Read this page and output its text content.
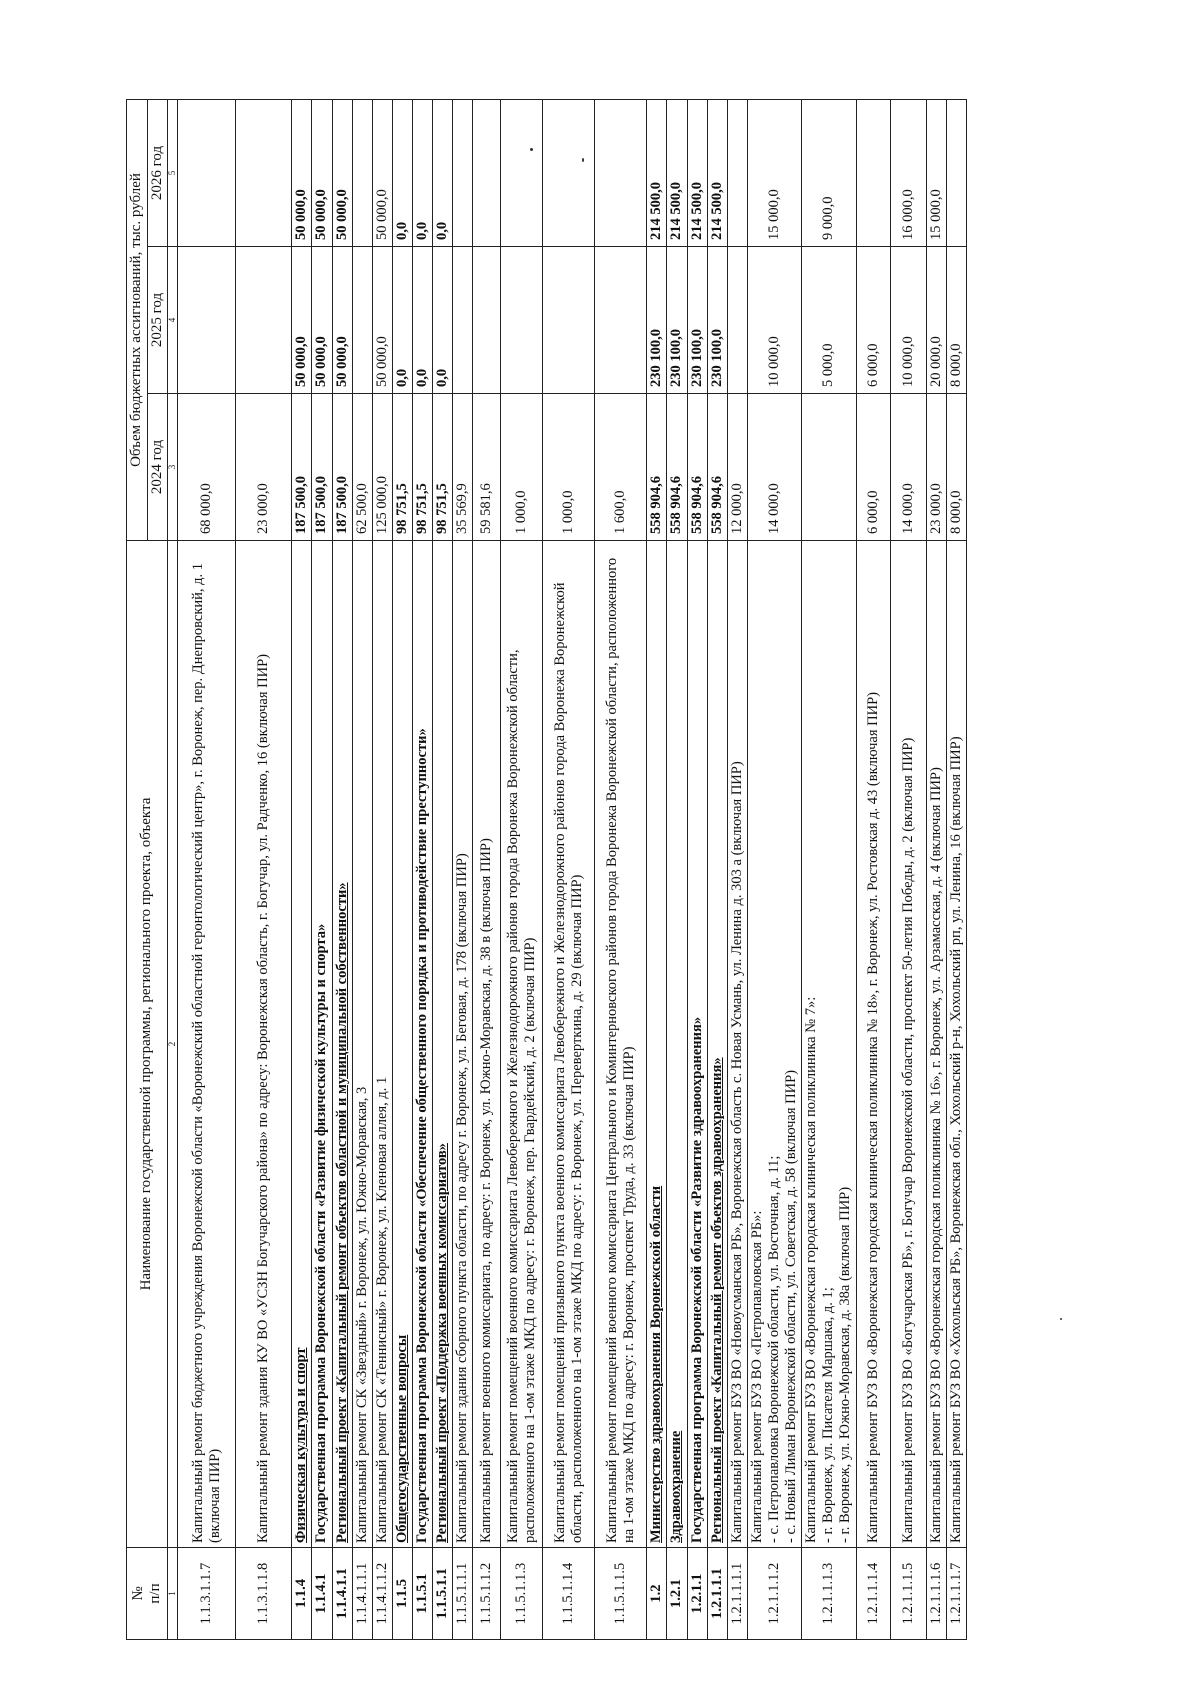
№
п/п	Наименование государственной программы, регионального проекта, объекта	Объем бюджетных ассигнований, тыс. рублей		
		2024 год	2025 год	2026 год
1	2	3	4	5

1.1.3.1.1.7	Капитальный ремонт бюджетного учреждения Воронежской области «Воронежский областной геронтологический центр», г. Воронеж, пер. Днепровский, д. 1 (включая ПИР)	68 000,0		

1.1.3.1.1.8	Капитальный ремонт здания КУ ВО «УСЗН Богучарского района» по адресу: Воронежская область, г. Богучар, ул. Радченко, 16 (включая ПИР)	23 000,0		

1.1.4	Физическая культура и спорт	187 500,0	50 000,0	50 000,0

1.1.4.1	Государственная программа Воронежской области «Развитие физической культуры и спорта»	187 500,0	50 000,0	50 000,0

1.1.4.1.1	Региональный проект «Капитальный ремонт объектов областной и муниципальной собственности»	187 500,0	50 000,0	50 000,0

1.1.4.1.1.1	Капитальный ремонт СК «Звездный» г. Воронеж, ул. Южно-Моравская, 3	62 500,0		

1.1.4.1.1.2	Капитальный ремонт СК «Теннисный» г. Воронеж, ул. Кленовая аллея, д. 1	125 000,0	50 000,0	50 000,0

1.1.5	Общегосударственные вопросы	98 751,5	0,0	0,0

1.1.5.1	Государственная программа Воронежской области «Обеспечение общественного порядка и противодействие преступности»	98 751,5	0,0	0,0

1.1.5.1.1	Региональный проект «Поддержка военных комиссариатов»	98 751,5	0,0	0,0

1.1.5.1.1.1	Капитальный ремонт здания сборного пункта области, по адресу г. Воронеж, ул. Беговая, д. 178 (включая ПИР)	35 569,9		

1.1.5.1.1.2	Капитальный ремонт военного комиссариата, по адресу: г. Воронеж, ул. Южно-Моравская, д. 38 в (включая ПИР)	59 581,6		

1.1.5.1.1.3	Капитальный ремонт помещений военного комиссариата Левобережного и Железнодорожного районов города Воронежа Воронежской области, расположенного на 1-ом этаже МКД по адресу: г. Воронеж, пер. Гвардейский, д. 2 (включая ПИР)	1 000,0		

1.1.5.1.1.4	Капитальный ремонт помещений призывного пункта военного комиссариата Левобережного и Железнодорожного районов города Воронежа Воронежской области, расположенного на 1-ом этаже МКД по адресу: г. Воронеж, ул. Переверткина, д. 29 (включая ПИР)	1 000,0		

1.1.5.1.1.5	Капитальный ремонт помещений военного комиссариата Центрального и Коминтерновского районов города Воронежа Воронежской области, расположенного на 1-ом этаже МКД по адресу: г. Воронеж, проспект Труда, д. 33 (включая ПИР)	1 600,0		

1.2	Министерство здравоохранения Воронежской области	558 904,6	230 100,0	214 500,0

1.2.1	Здравоохранение	558 904,6	230 100,0	214 500,0

1.2.1.1	Государственная программа Воронежской области «Развитие здравоохранения»	558 904,6	230 100,0	214 500,0

1.2.1.1.1	Региональный проект «Капитальный ремонт объектов здравоохранения»	558 904,6	230 100,0	214 500,0

1.2.1.1.1.1	Капитальный ремонт БУЗ ВО «Новоусманская РБ», Воронежская область с. Новая Усмань, ул. Ленина д. 303 а (включая ПИР)	12 000,0		

1.2.1.1.1.2	Капитальный ремонт БУЗ ВО «Петропавловская РБ»:
- с. Петропавловка Воронежской области, ул. Восточная, д. 11;
- с. Новый Лиман Воронежской области, ул. Советская, д. 58 (включая ПИР)	14 000,0	10 000,0	15 000,0

1.2.1.1.1.3	Капитальный ремонт БУЗ ВО «Воронежская городская клиническая поликлиника № 7»:
- г. Воронеж, ул. Писателя Маршака, д. 1;
- г. Воронеж, ул. Южно-Моравская, д. 38а (включая ПИР)		5 000,0	9 000,0

1.2.1.1.1.4	Капитальный ремонт БУЗ ВО «Воронежская городская клиническая поликлиника № 18», г. Воронеж, ул. Ростовская д. 43 (включая ПИР)	6 000,0	6 000,0	

1.2.1.1.1.5	Капитальный ремонт БУЗ ВО «Богучарская РБ», г. Богучар Воронежской области, проспект 50-летия Победы, д. 2 (включая ПИР)	14 000,0	10 000,0	16 000,0

1.2.1.1.1.6	Капитальный ремонт БУЗ ВО «Воронежская городская поликлиника № 16», г. Воронеж, ул. Арзамасская, д. 4 (включая ПИР)	23 000,0	20 000,0	15 000,0

1.2.1.1.1.7	Капитальный ремонт БУЗ ВО «Хохольская РБ», Воронежская обл., Хохольский р-н, Хохольский рп, ул. Ленина, 16 (включая ПИР)	8 000,0	8 000,0	
